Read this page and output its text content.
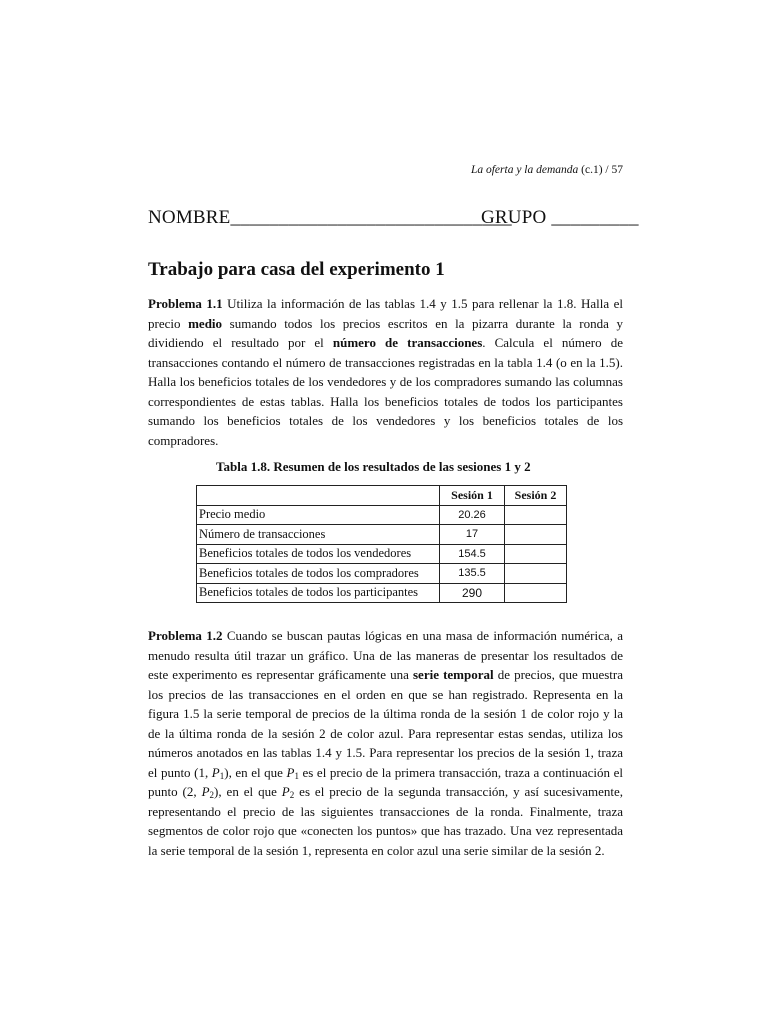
La oferta y la demanda (c.1) / 57
NOMBRE_____________________________
GRUPO _________
Trabajo para casa del experimento 1
Problema 1.1 Utiliza la información de las tablas 1.4 y 1.5 para rellenar la 1.8. Halla el precio medio sumando todos los precios escritos en la pizarra durante la ronda y dividiendo el resultado por el número de transacciones. Calcula el número de transacciones contando el número de transacciones registradas en la tabla 1.4 (o en la 1.5). Halla los beneficios totales de los vendedores y de los compradores sumando las columnas correspondientes de estas tablas. Halla los beneficios totales de todos los participantes sumando los beneficios totales de los vendedores y los beneficios totales de los compradores.
Tabla 1.8. Resumen de los resultados de las sesiones 1 y 2
	Sesión 1	Sesión 2
Precio medio	20.26	
Número de transacciones	17	
Beneficios totales de todos los vendedores	154.5	
Beneficios totales de todos los compradores	135.5	
Beneficios totales de todos los participantes	290	
Problema 1.2 Cuando se buscan pautas lógicas en una masa de información numérica, a menudo resulta útil trazar un gráfico. Una de las maneras de presentar los resultados de este experimento es representar gráficamente una serie temporal de precios, que muestra los precios de las transacciones en el orden en que se han registrado. Representa en la figura 1.5 la serie temporal de precios de la última ronda de la sesión 1 de color rojo y la de la última ronda de la sesión 2 de color azul. Para representar estas sendas, utiliza los números anotados en las tablas 1.4 y 1.5. Para representar los precios de la sesión 1, traza el punto (1, $P_1$), en el que $P_1$ es el precio de la primera transacción, traza a continuación el punto (2, $P_2$), en el que $P_2$ es el precio de la segunda transacción, y así sucesivamente, representando el precio de las siguientes transacciones de la ronda. Finalmente, traza segmentos de color rojo que «conecten los puntos» que has trazado. Una vez representada la serie temporal de la sesión 1, representa en color azul una serie similar de la sesión 2.
